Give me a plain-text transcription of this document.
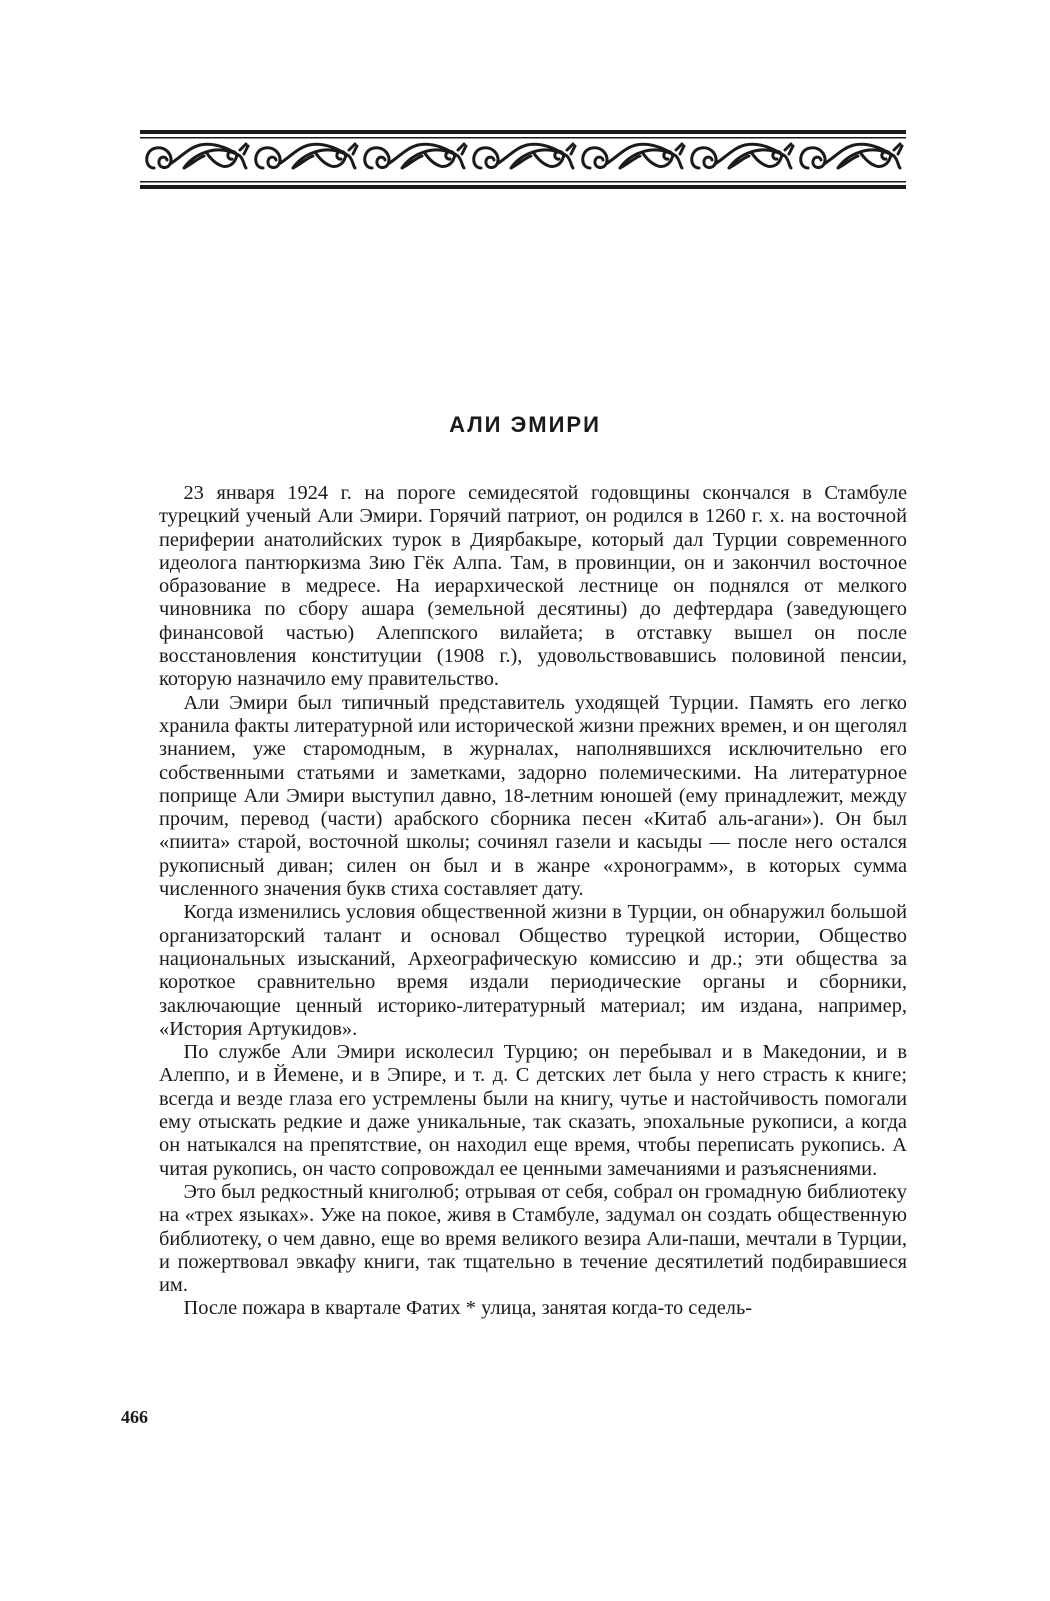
АЛИ ЭМИРИ

23 января 1924 г. на пороге семидесятой годовщины скончался в Стамбуле турецкий ученый Али Эмири. Горячий патриот, он родился в 1260 г. х. на восточной периферии анатолийских турок в Диярбакыре, который дал Турции современного идеолога пантюркизма Зию Гёк Алпа. Там, в провинции, он и закончил восточное образование в медресе. На иерархической лестнице он поднялся от мелкого чиновника по сбору ашара (земельной десятины) до дефтердара (заведующего финансовой частью) Алеппского вилайета; в отставку вышел он после восстановления конституции (1908 г.), удовольствовавшись половиной пенсии, которую назначило ему правительство.

Али Эмири был типичный представитель уходящей Турции. Память его легко хранила факты литературной или исторической жизни прежних времен, и он щеголял знанием, уже старомодным, в журналах, наполнявшихся исключительно его собственными статьями и заметками, задорно полемическими. На литературное поприще Али Эмири выступил давно, 18-летним юношей (ему принадлежит, между прочим, перевод (части) арабского сборника песен «Китаб аль-агани»). Он был «пиита» старой, восточной школы; сочинял газели и касыды — после него остался рукописный диван; силен он был и в жанре «хронограмм», в которых сумма численного значения букв стиха составляет дату.

Когда изменились условия общественной жизни в Турции, он обнаружил большой организаторский талант и основал Общество турецкой истории, Общество национальных изысканий, Археографическую комиссию и др.; эти общества за короткое сравнительно время издали периодические органы и сборники, заключающие ценный историко-литературный материал; им издана, например, «История Артукидов».

По службе Али Эмири исколесил Турцию; он перебывал и в Македонии, и в Алеппо, и в Йемене, и в Эпире, и т. д. С детских лет была у него страсть к книге; всегда и везде глаза его устремлены были на книгу, чутье и настойчивость помогали ему отыскать редкие и даже уникальные, так сказать, эпохальные рукописи, а когда он натыкался на препятствие, он находил еще время, чтобы переписать рукопись. А читая рукопись, он часто сопровождал ее ценными замечаниями и разъяснениями.

Это был редкостный книголюб; отрывая от себя, собрал он громадную библиотеку на «трех языках». Уже на покое, живя в Стамбуле, задумал он создать общественную библиотеку, о чем давно, еще во время великого везира Али-паши, мечтали в Турции, и пожертвовал эвкафу книги, так тщательно в течение десятилетий подбиравшиеся им.

После пожара в квартале Фатих * улица, занятая когда-то седель-

466
